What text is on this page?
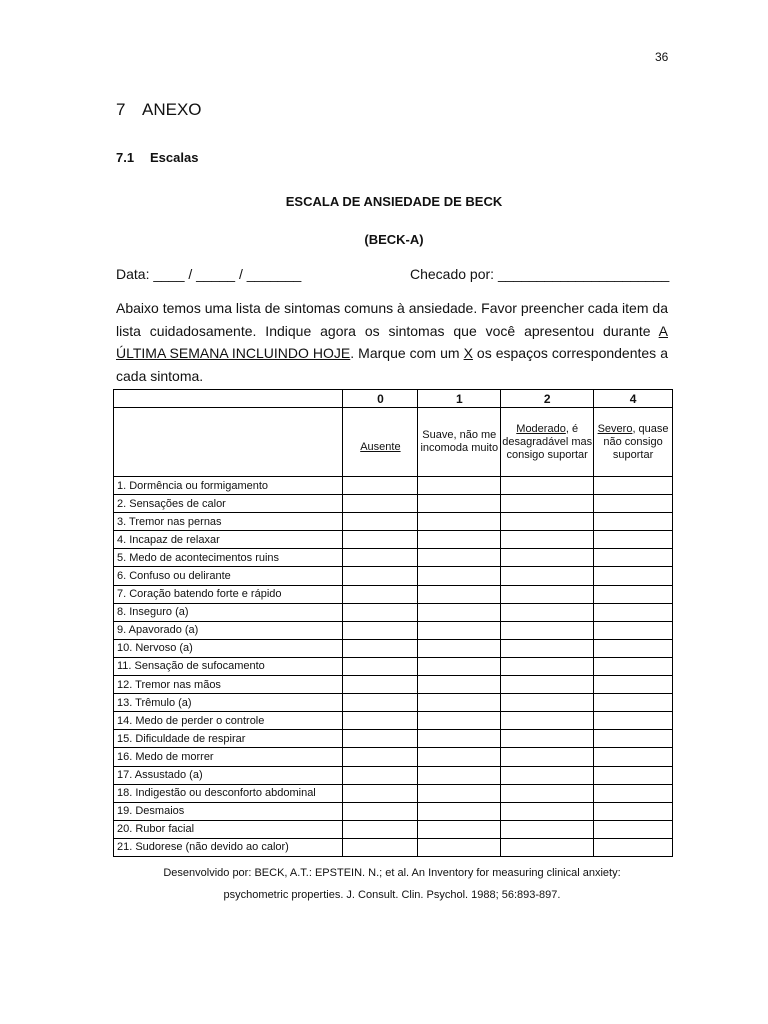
36
7 ANEXO
7.1 Escalas
ESCALA DE ANSIEDADE DE BECK
(BECK-A)
Data: ____ / _____ / _______	Checado por: ______________________
Abaixo temos uma lista de sintomas comuns à ansiedade. Favor preencher cada item da lista cuidadosamente. Indique agora os sintomas que você apresentou durante A ÚLTIMA SEMANA INCLUINDO HOJE. Marque com um X os espaços correspondentes a cada sintoma.
	0	1	2	4
	Ausente	Suave, não me incomoda muito	Moderado, é desagradável mas consigo suportar	Severo, quase não consigo suportar
1. Dormência ou formigamento				
2. Sensações de calor				
3. Tremor nas pernas				
4. Incapaz de relaxar				
5. Medo de acontecimentos ruins				
6. Confuso ou delirante				
7. Coração batendo forte e rápido				
8. Inseguro (a)				
9. Apavorado (a)				
10. Nervoso (a)				
11. Sensação de sufocamento				
12. Tremor nas mãos				
13. Trêmulo (a)				
14. Medo de perder o controle				
15. Dificuldade de respirar				
16. Medo de morrer				
17. Assustado (a)				
18. Indigestão ou desconforto abdominal				
19. Desmaios				
20. Rubor facial				
21. Sudorese (não devido ao calor)				
Desenvolvido por: BECK, A.T.: EPSTEIN. N.; et al. An Inventory for measuring clinical anxiety:
psychometric properties. J. Consult. Clin. Psychol. 1988; 56:893-897.
